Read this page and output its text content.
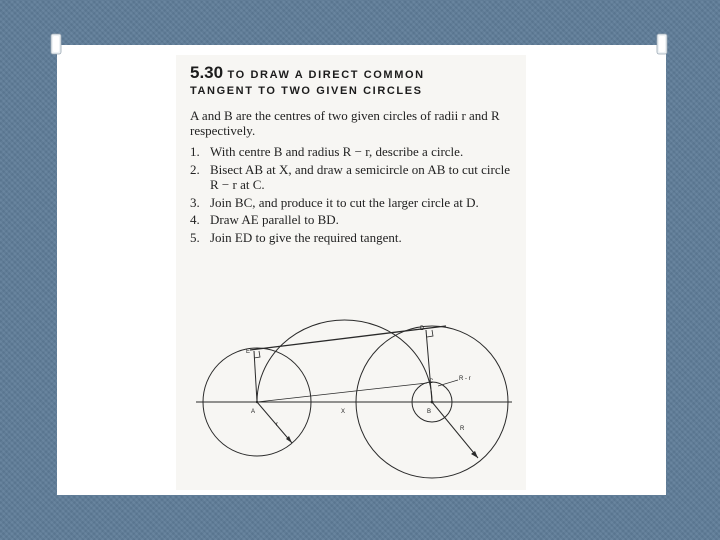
5.30 TO DRAW A DIRECT COMMON
TANGENT TO TWO GIVEN CIRCLES
A and B are the centres of two given circles of radii r and R respectively.
1. With centre B and radius R − r, describe a circle.
2. Bisect AB at X, and draw a semicircle on AB to cut circle R − r at C.
3. Join BC, and produce it to cut the larger circle at D.
4. Draw AE parallel to BD.
5. Join ED to give the required tangent.
A	B
C
D
E
X
r
R
R - r
